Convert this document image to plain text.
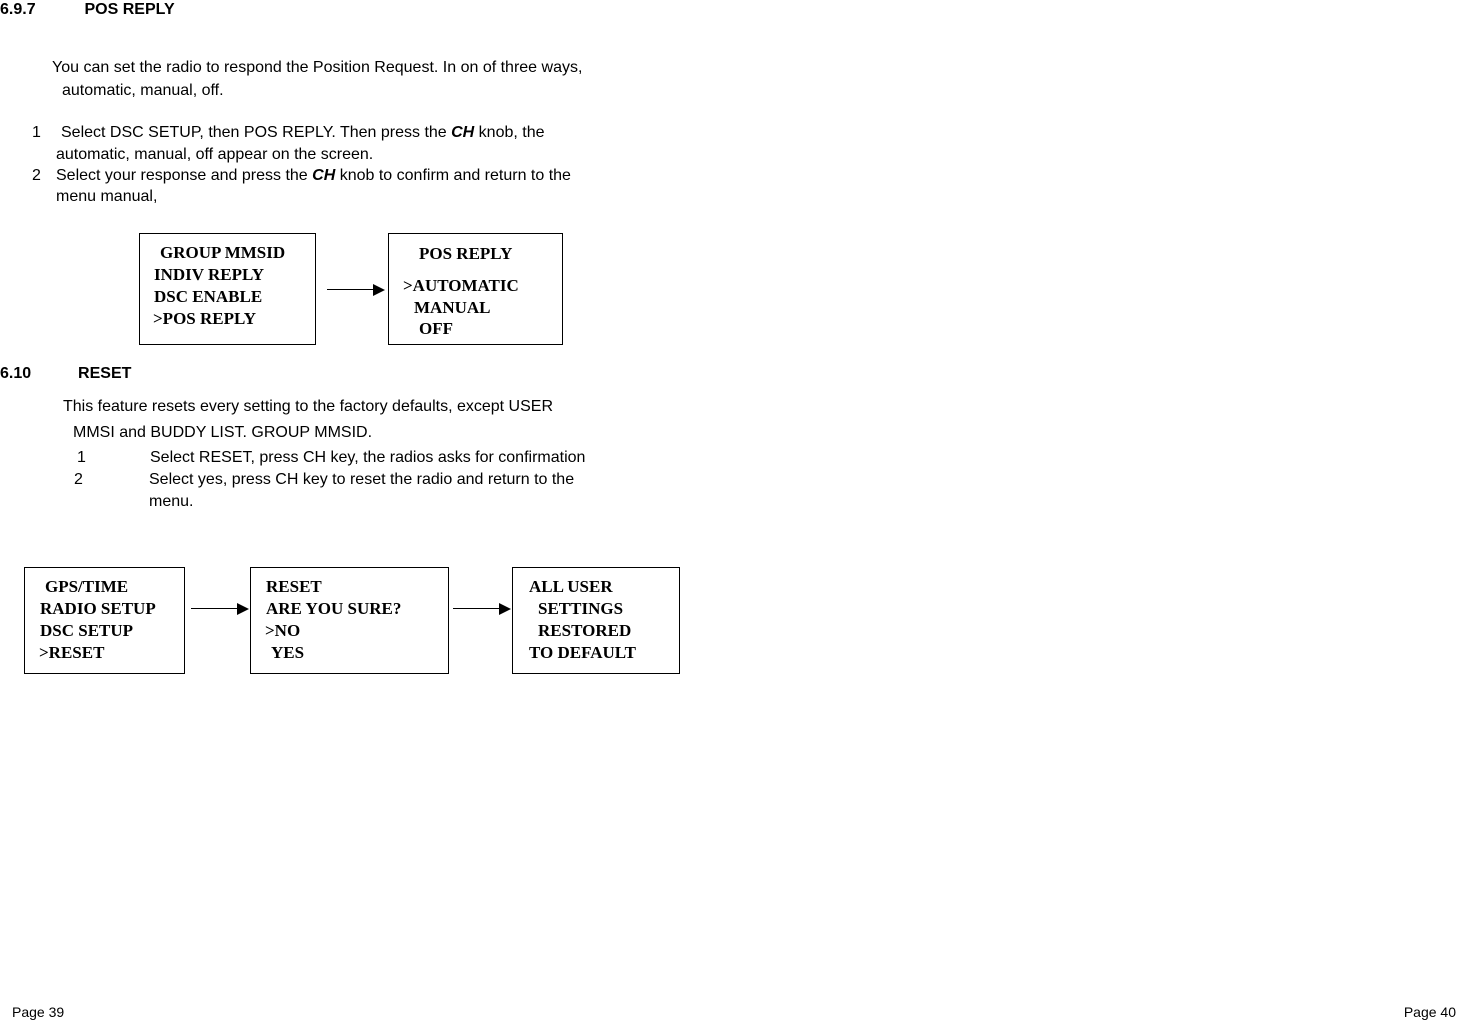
6.9.7	POS REPLY
You can set the radio to respond the Position Request. In on of three ways,
automatic, manual, off.
1 Select DSC SETUP, then POS REPLY. Then press the CH knob, the
automatic, manual, off appear on the screen.
2 Select your response and press the CH knob to confirm and return to the
menu manual,
GROUP MMSID
INDIV REPLY
DSC ENABLE
>POS REPLY
POS REPLY
>AUTOMATIC
MANUAL
OFF
6.10	RESET
This feature resets every setting to the factory defaults, except USER
MMSI and BUDDY LIST. GROUP MMSID.
1	Select RESET, press CH key, the radios asks for confirmation
2	Select yes, press CH key to reset the radio and return to the
menu.
GPS/TIME
RADIO SETUP
DSC SETUP
>RESET
RESET
ARE YOU SURE?
>NO
YES
ALL USER
SETTINGS
RESTORED
TO DEFAULT
Page 39	Page 40
